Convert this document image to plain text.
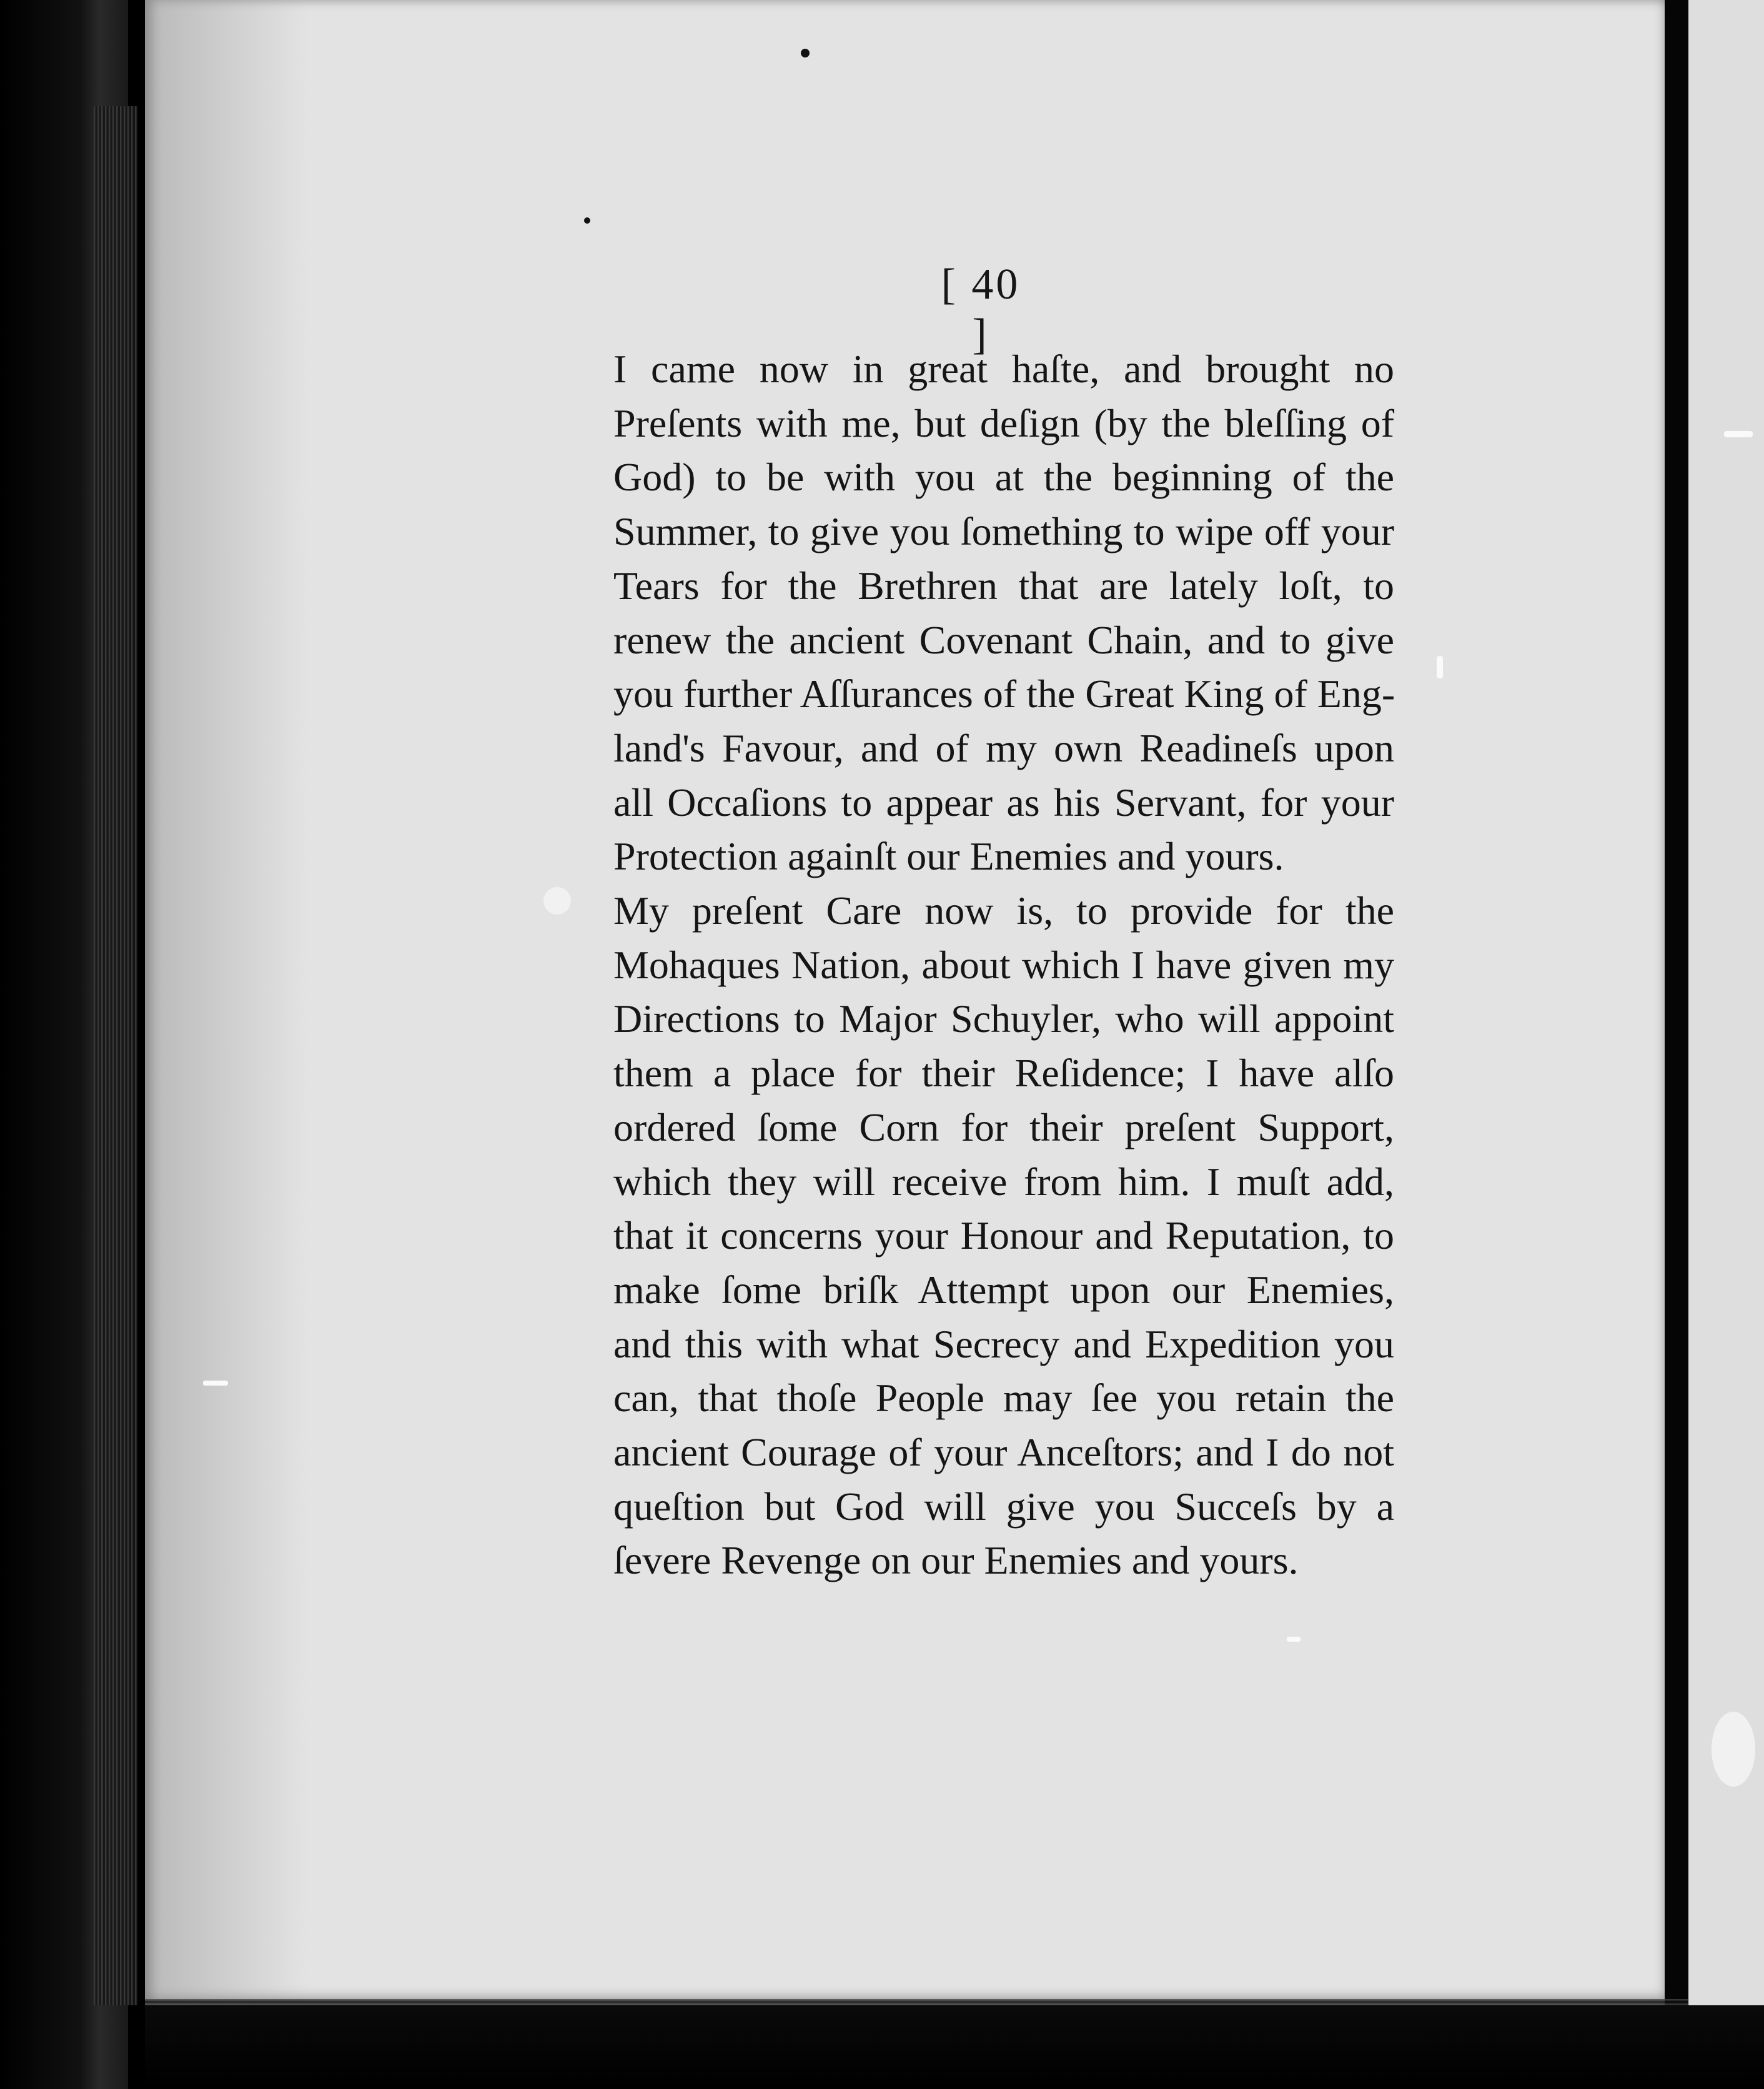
[ 40 ]

I came now in great haſte, and brought no
Preſents with me, but deſign (by the bleſſing of
God) to be with you at the beginning of the
Summer, to give you ſomething to wipe off your
Tears for the Brethren that are lately loſt, to
renew the ancient Covenant Chain, and to give
you further Aſſurances of the Great King of Eng-
land's Favour, and of my own Readineſs upon
all Occaſions to appear as his Servant, for your
Protection againſt our Enemies and yours.

My preſent Care now is, to provide for the
Mohaques Nation, about which I have given my
Directions to Major Schuyler, who will appoint
them a place for their Reſidence; I have alſo
ordered ſome Corn for their preſent Support,
which they will receive from him. I muſt add,
that it concerns your Honour and Reputation, to
make ſome briſk Attempt upon our Enemies,
and this with what Secrecy and Expedition you
can, that thoſe People may ſee you retain the
ancient Courage of your Anceſtors; and I do not
queſtion but God will give you Succeſs by a
ſevere Revenge on our Enemies and yours.
